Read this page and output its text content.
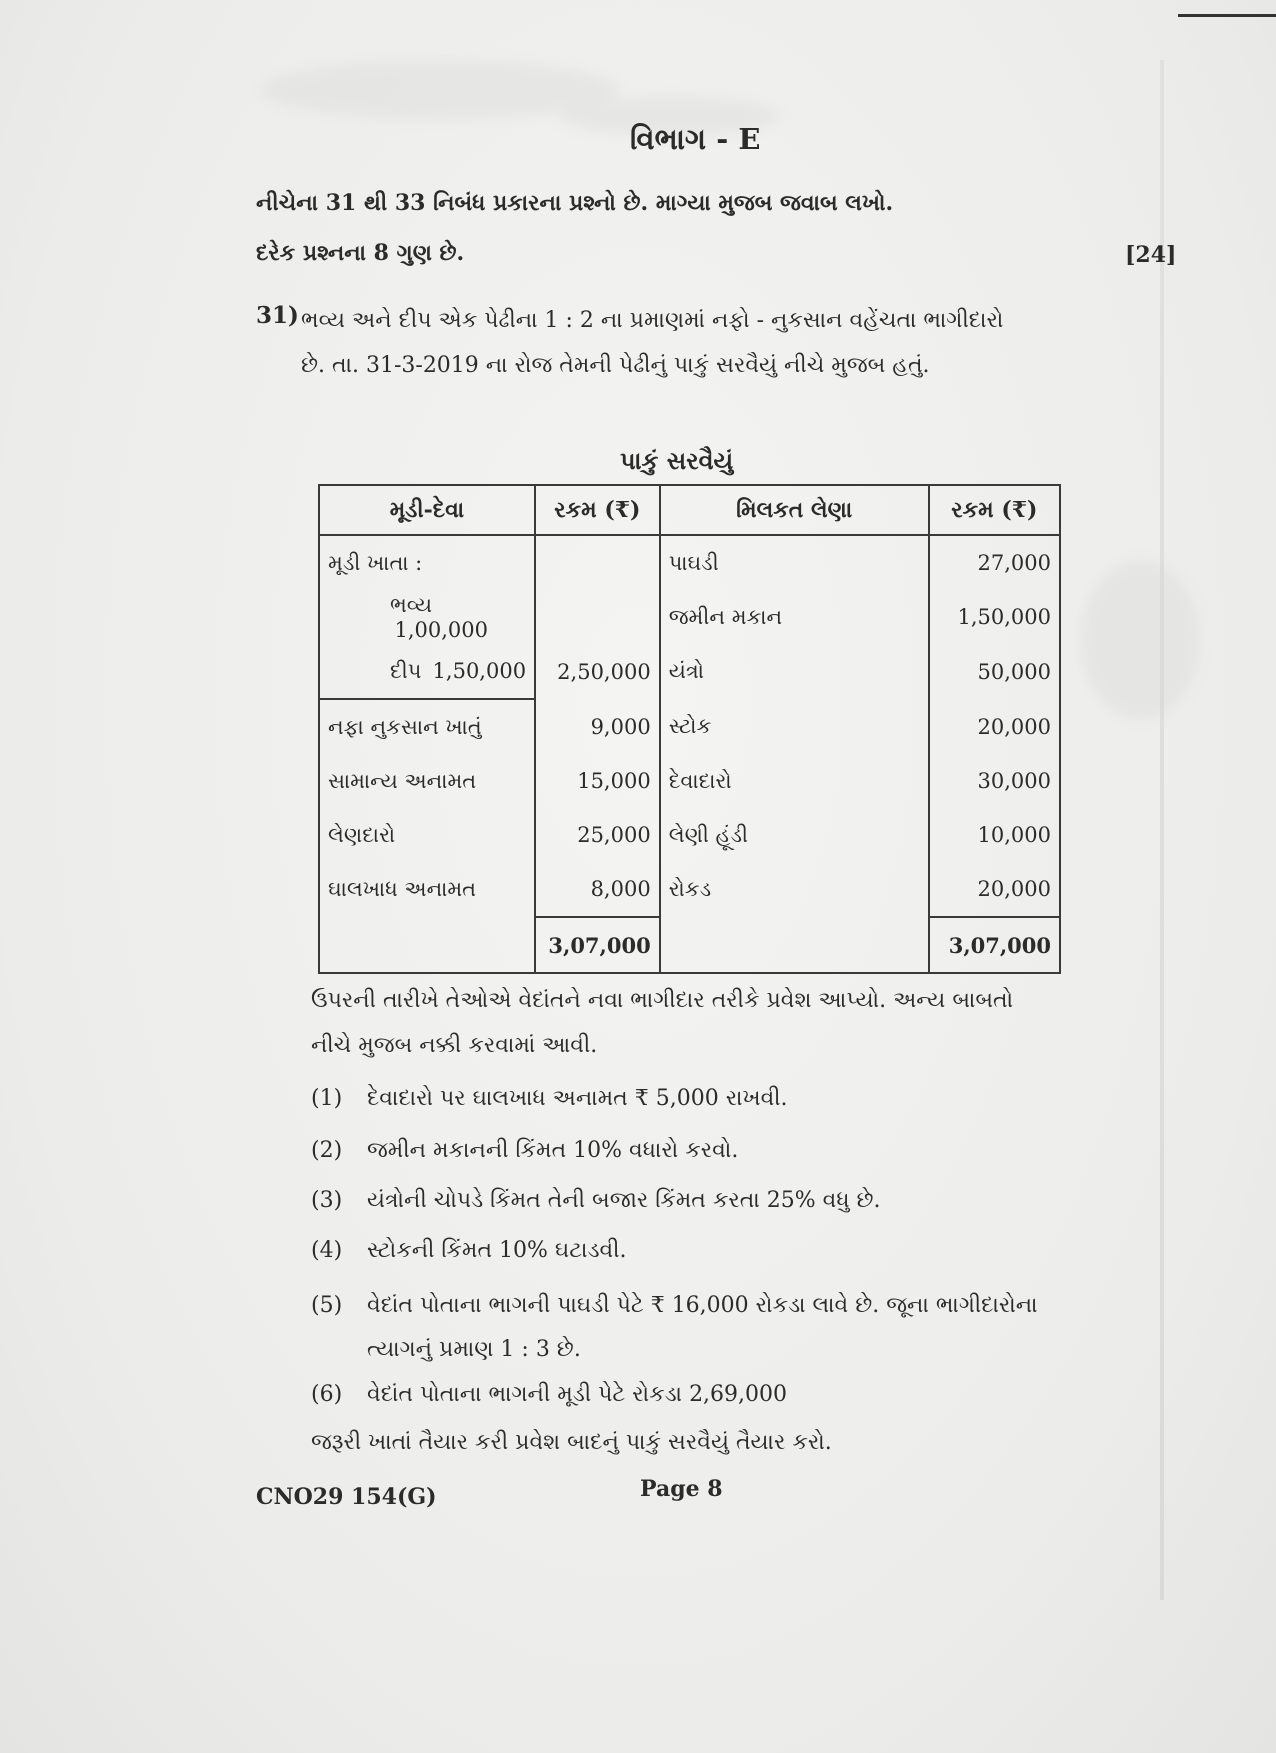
વિભાગ - E
નીચેના 31 થી 33 નિબંધ પ્રકારના પ્રશ્નો છે. માગ્યા મુજબ જવાબ લખો.
દરેક પ્રશ્નના 8 ગુણ છે.	[24]
31) ભવ્ય અને દીપ એક પેઢીના 1 : 2 ના પ્રમાણમાં નફો - નુકસાન વહેંચતા ભાગીદારો છે. તા. 31-3-2019 ના રોજ તેમની પેઢીનું પાકું સરવૈયું નીચે મુજબ હતું.
પાકું સરવૈયું
મૂડી-દેવા	રકમ (₹)	મિલકત લેણા	રકમ (₹)
મૂડી ખાતા :		પાઘડી	27,000
ભવ્ય 1,00,000		જમીન મકાન	1,50,000
દીપ 1,50,000	2,50,000	યંત્રો	50,000
નફા નુકસાન ખાતું	9,000	સ્ટોક	20,000
સામાન્ય અનામત	15,000	દેવાદારો	30,000
લેણદારો	25,000	લેણી હૂંડી	10,000
ઘાલખાધ અનામત	8,000	રોકડ	20,000
	3,07,000		3,07,000
ઉપરની તારીખે તેઓએ વેદાંતને નવા ભાગીદાર તરીકે પ્રવેશ આપ્યો. અન્ય બાબતો નીચે મુજબ નક્કી કરવામાં આવી.
(1) દેવાદારો પર ઘાલખાધ અનામત ₹ 5,000 રાખવી.
(2) જમીન મકાનની કિંમત 10% વધારો કરવો.
(3) યંત્રોની ચોપડે કિંમત તેની બજાર કિંમત કરતા 25% વધુ છે.
(4) સ્ટોકની કિંમત 10% ઘટાડવી.
(5) વેદાંત પોતાના ભાગની પાઘડી પેટે ₹ 16,000 રોકડા લાવે છે. જૂના ભાગીદારોના ત્યાગનું પ્રમાણ 1 : 3 છે.
(6) વેદાંત પોતાના ભાગની મૂડી પેટે રોકડા 2,69,000
જરૂરી ખાતાં તૈયાર કરી પ્રવેશ બાદનું પાકું સરવૈયું તૈયાર કરો.
CNO29 154(G)	Page 8
